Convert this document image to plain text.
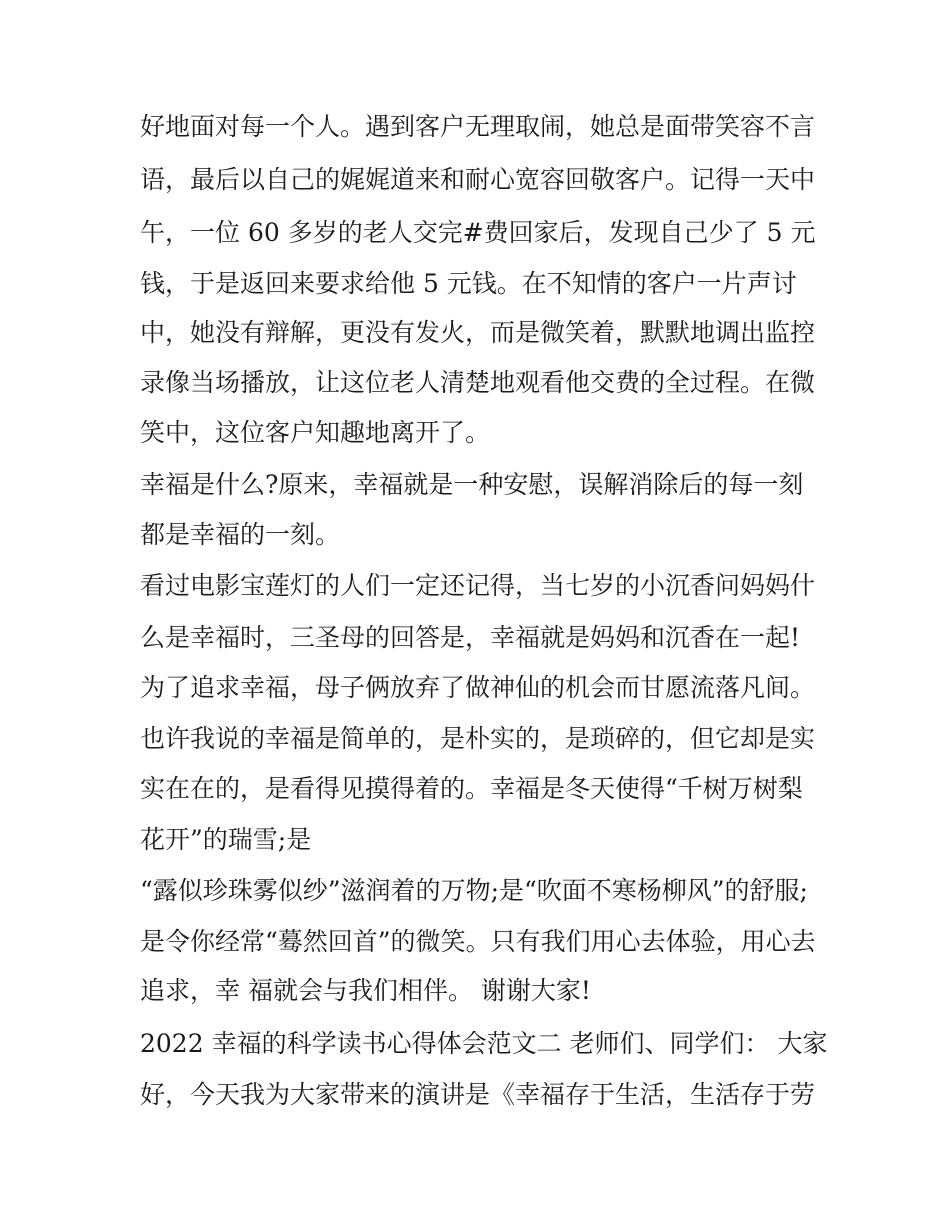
好地面对每一个人。遇到客户无理取闹，她总是面带笑容不言
语，最后以自己的娓娓道来和耐心宽容回敬客户。记得一天中
午，一位 60 多岁的老人交完#费回家后，发现自己少了 5 元
钱，于是返回来要求给他 5 元钱。在不知情的客户一片声讨
中，她没有辩解，更没有发火，而是微笑着，默默地调出监控
录像当场播放，让这位老人清楚地观看他交费的全过程。在微
笑中，这位客户知趣地离开了。
幸福是什么?原来，幸福就是一种安慰，误解消除后的每一刻
都是幸福的一刻。
看过电影宝莲灯的人们一定还记得，当七岁的小沉香问妈妈什
么是幸福时，三圣母的回答是，幸福就是妈妈和沉香在一起!
为了追求幸福，母子俩放弃了做神仙的机会而甘愿流落凡间。
也许我说的幸福是简单的，是朴实的，是琐碎的，但它却是实
实在在的，是看得见摸得着的。幸福是冬天使得“千树万树梨
花开”的瑞雪;是
“露似珍珠雾似纱”滋润着的万物;是“吹面不寒杨柳风”的舒服;
是令你经常“蓦然回首”的微笑。只有我们用心去体验，用心去
追求，幸 福就会与我们相伴。 谢谢大家!
2022 幸福的科学读书心得体会范文二 老师们、同学们： 大家
好，今天我为大家带来的演讲是《幸福存于生活，生活存于劳
